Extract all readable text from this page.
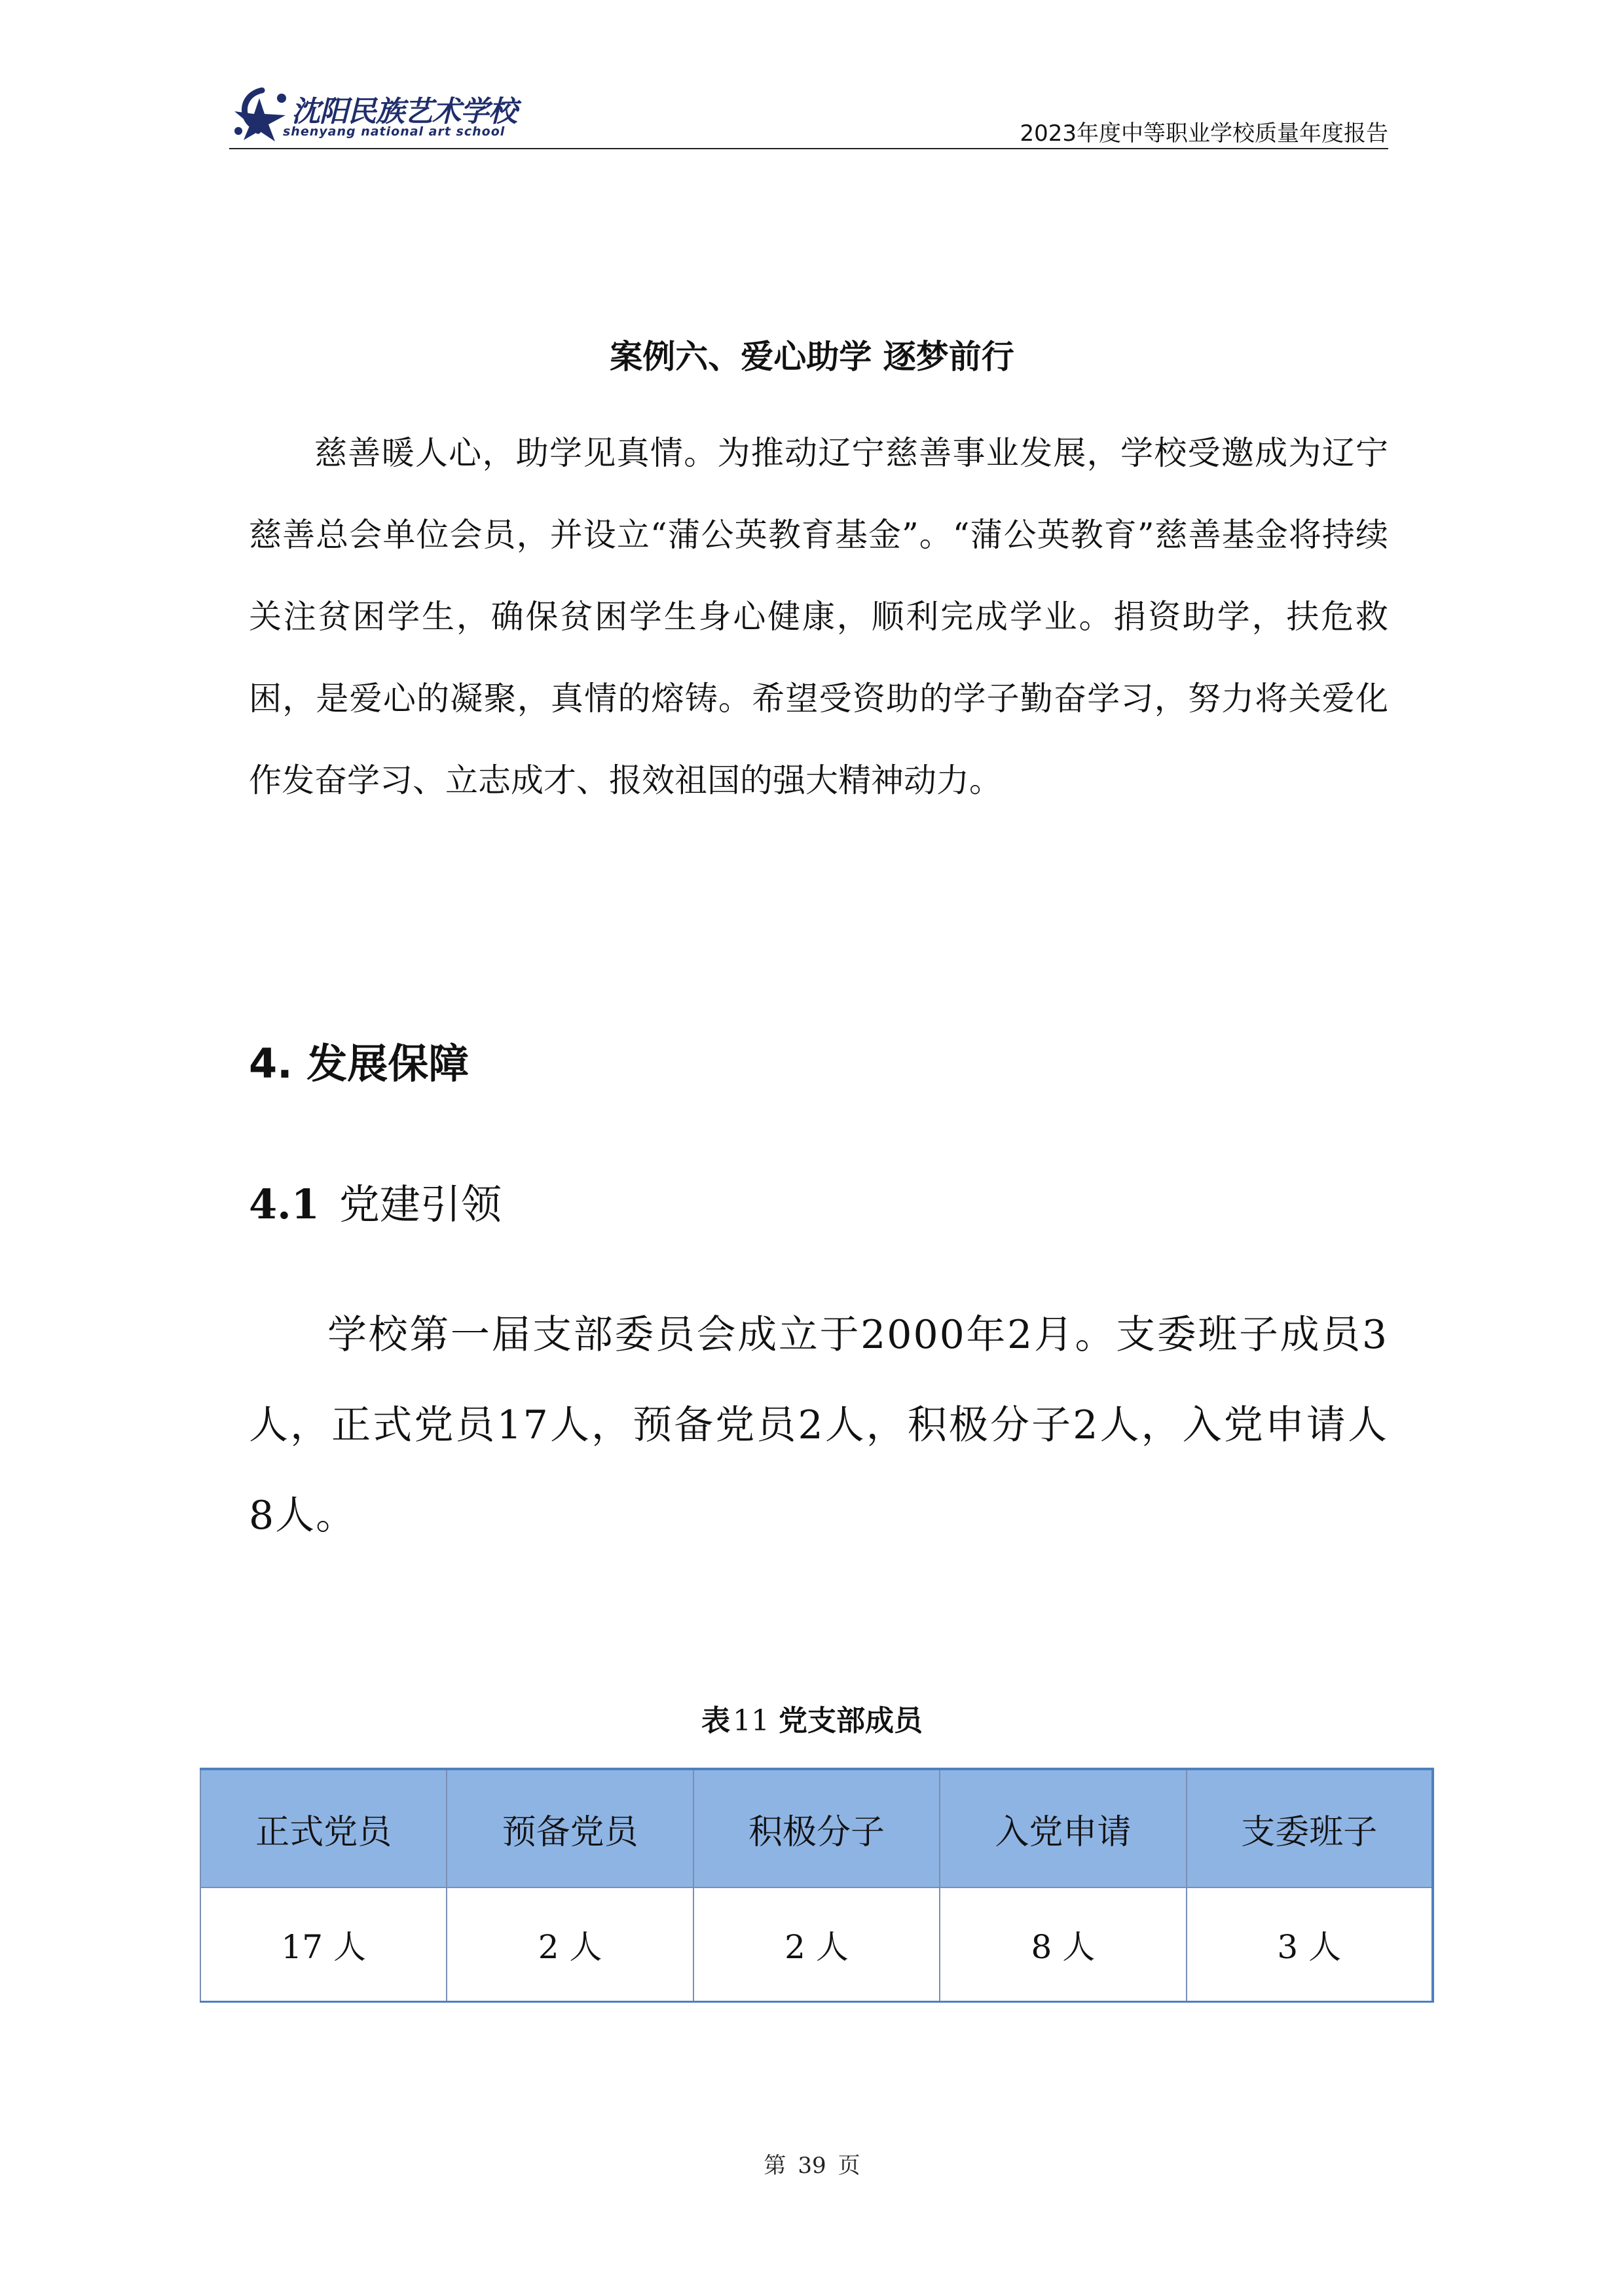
沈阳民族艺术学校
shenyang national art school	2023年度中等职业学校质量年度报告
案例六、爱心助学 逐梦前行

慈善暖人心，助学见真情。为推动辽宁慈善事业发展，学校受邀成为辽宁慈善总会单位会员，并设立“蒲公英教育基金”。“蒲公英教育”慈善基金将持续关注贫困学生，确保贫困学生身心健康，顺利完成学业。捐资助学，扶危救困，是爱心的凝聚，真情的熔铸。希望受资助的学子勤奋学习，努力将关爱化作发奋学习、立志成才、报效祖国的强大精神动力。

4. 发展保障
4.1 党建引领

学校第一届支部委员会成立于2000年2月。支委班子成员3人，正式党员17人，预备党员2人，积极分子2人，入党申请人8人。

表11 党支部成员
正式党员	预备党员	积极分子	入党申请	支委班子
17 人	2 人	2 人	8 人	3 人
第 39 页
